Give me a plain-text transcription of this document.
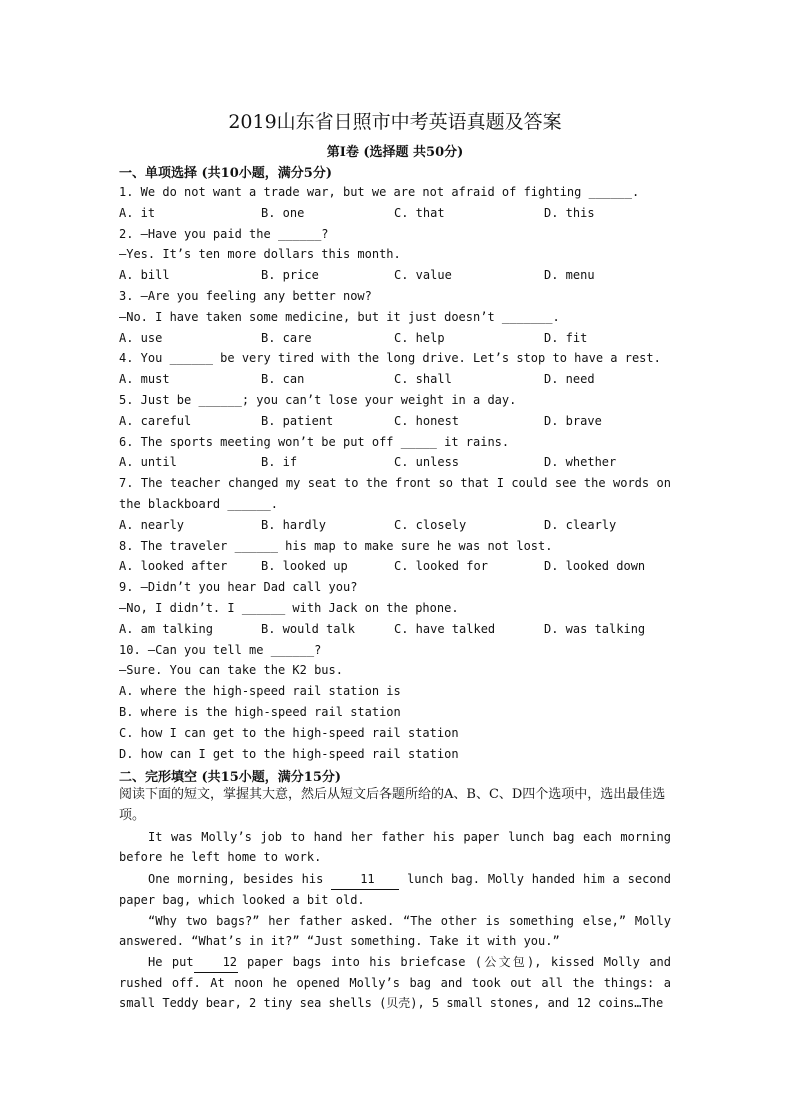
2019山东省日照市中考英语真题及答案
第I卷 (选择题 共50分)
一、单项选择 (共10小题，满分5分)
1. We do not want a trade war, but we are not afraid of fighting ______.
A. it	B. one	C. that	D. this
2. —Have you paid the ______?
—Yes. It’s ten more dollars this month.
A. bill	B. price	C. value	D. menu
3. —Are you feeling any better now?
—No. I have taken some medicine, but it just doesn’t _______.
A. use	B. care	C. help	D. fit
4. You ______ be very tired with the long drive. Let’s stop to have a rest.
A. must	B. can	C. shall	D. need
5. Just be ______; you can’t lose your weight in a day.
A. careful	B. patient	C. honest	D. brave
6. The sports meeting won’t be put off _____ it rains.
A. until	B. if	C. unless	D. whether
7. The teacher changed my seat to the front so that I could see the words on
the blackboard ______.
A. nearly	B. hardly	C. closely	D. clearly
8. The traveler ______ his map to make sure he was not lost.
A. looked after	B. looked up	C. looked for	D. looked down
9. —Didn’t you hear Dad call you?
—No, I didn’t. I ______ with Jack on the phone.
A. am talking	B. would talk	C. have talked	D. was talking
10. —Can you tell me ______?
—Sure. You can take the K2 bus.
A. where the high-speed rail station is
B. where is the high-speed rail station
C. how I can get to the high-speed rail station
D. how can I get to the high-speed rail station
二、完形填空 (共15小题，满分15分)
阅读下面的短文，掌握其大意，然后从短文后各题所给的A、B、C、D四个选项中，选出最佳选项。
It was Molly’s job to hand her father his paper lunch bag each morning before he left home to work.
One morning, besides his	11	lunch bag. Molly handed him a second paper bag, which looked a bit old.
“Why two bags?” her father asked. “The other is something else,” Molly answered. “What’s in it?” “Just something. Take it with you.”
He put 12 paper bags into his briefcase (公文包), kissed Molly and rushed off. At noon he opened Molly’s bag and took out all the things: a small Teddy bear, 2 tiny sea shells (贝壳), 5 small stones, and 12 coins…The
